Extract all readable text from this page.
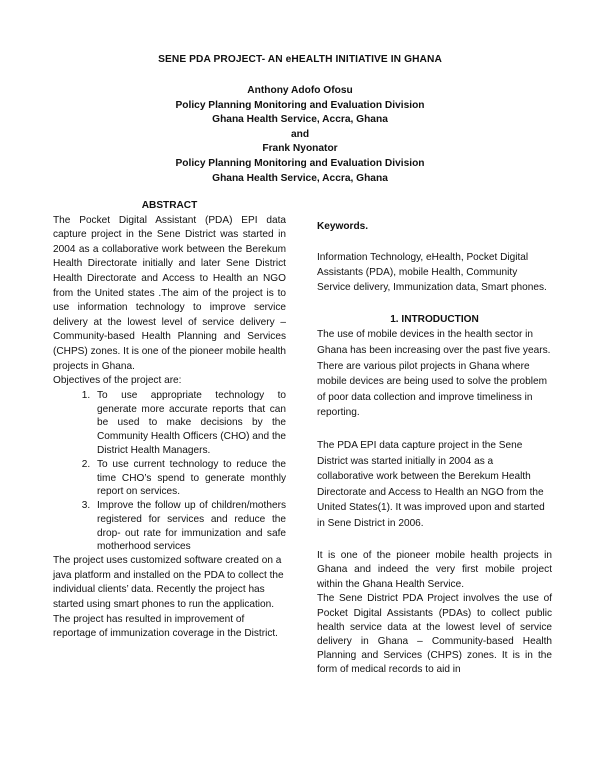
SENE PDA PROJECT- AN eHEALTH INITIATIVE IN GHANA
Anthony Adofo Ofosu
Policy Planning Monitoring and Evaluation Division
Ghana Health Service, Accra, Ghana
and
Frank Nyonator
Policy Planning Monitoring and Evaluation Division
Ghana Health Service, Accra, Ghana

ABSTRACT

The Pocket Digital Assistant (PDA) EPI data capture project in the Sene District was started in 2004 as a collaborative work between the Berekum Health Directorate initially and later Sene District Health Directorate and Access to Health an NGO from the United states .The aim of the project is to use information technology to improve service delivery at the lowest level of service delivery – Community-based Health Planning and Services (CHPS) zones. It is one of the pioneer mobile health projects in Ghana.

Objectives of the project are:

1. To use appropriate technology to generate more accurate reports that can be used to make decisions by the Community Health Officers (CHO) and the District Health Managers.
2. To use current technology to reduce the time CHO’s spend to generate monthly report on services.
3. Improve the follow up of children/mothers registered for services and reduce the drop- out rate for immunization and safe motherhood services

The project uses customized software created on a java platform and installed on the PDA to collect the individual clients’ data. Recently the project has started using smart phones to run the application. The project has resulted in improvement of reportage of immunization coverage in the District.

Keywords.

Information Technology, eHealth, Pocket Digital Assistants (PDA), mobile Health, Community Service delivery, Immunization data, Smart phones.

1. INTRODUCTION

The use of mobile devices in the health sector in Ghana has been increasing over the past five years. There are various pilot projects in Ghana where mobile devices are being used to solve the problem of poor data collection and improve timeliness in reporting.

The PDA EPI data capture project in the Sene District was started initially in 2004 as a collaborative work between the Berekum Health Directorate and Access to Health an NGO from the United States(1). It was improved upon and started in Sene District in 2006.

It is one of the pioneer mobile health projects in Ghana and indeed the very first mobile project within the Ghana Health Service.

The Sene District PDA Project involves the use of Pocket Digital Assistants (PDAs) to collect public health service data at the lowest level of service delivery in Ghana – Community-based Health Planning and Services (CHPS) zones. It is in the form of medical records to aid in
